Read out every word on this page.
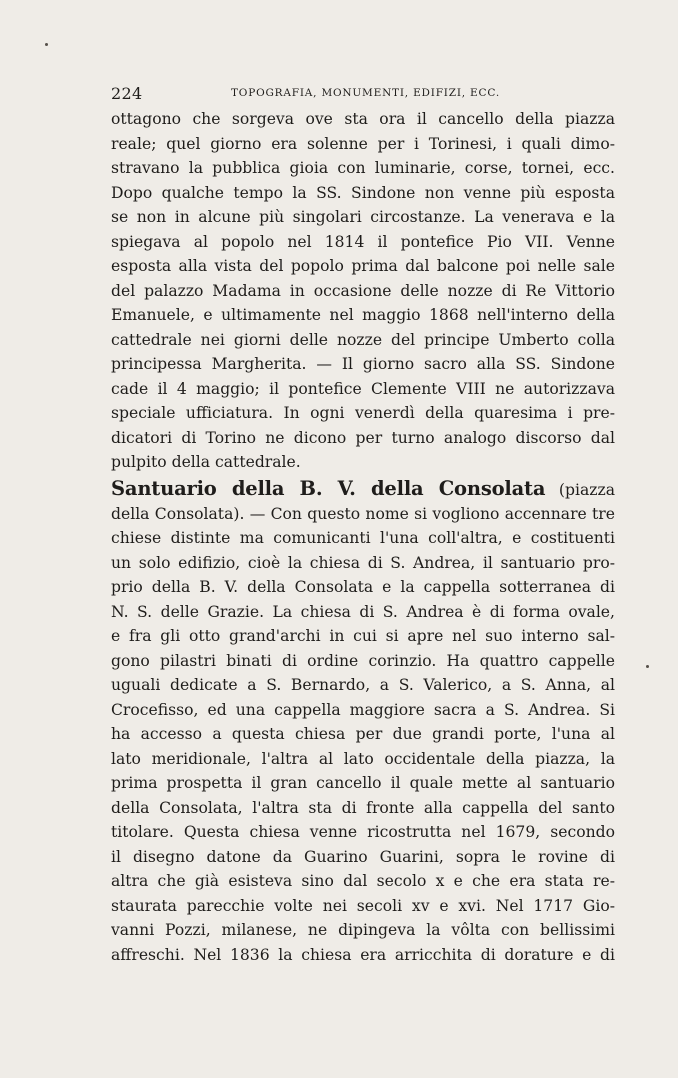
224	TOPOGRAFIA, MONUMENTI, EDIFIZI, ECC.
ottagono che sorgeva ove sta ora il cancello della piazza
reale; quel giorno era solenne per i Torinesi, i quali dimo-
stravano la pubblica gioia con luminarie, corse, tornei, ecc.
Dopo qualche tempo la SS. Sindone non venne più esposta
se non in alcune più singolari circostanze. La venerava e la
spiegava al popolo nel 1814 il pontefice Pio VII. Venne
esposta alla vista del popolo prima dal balcone poi nelle sale
del palazzo Madama in occasione delle nozze di Re Vittorio
Emanuele, e ultimamente nel maggio 1868 nell'interno della
cattedrale nei giorni delle nozze del principe Umberto colla
principessa Margherita. — Il giorno sacro alla SS. Sindone
cade il 4 maggio; il pontefice Clemente VIII ne autorizzava
speciale ufficiatura. In ogni venerdì della quaresima i pre-
dicatori di Torino ne dicono per turno analogo discorso dal
pulpito della cattedrale.
Santuario della B. V. della Consolata (piazza
della Consolata). — Con questo nome si vogliono accennare tre
chiese distinte ma comunicanti l'una coll'altra, e costituenti
un solo edifizio, cioè la chiesa di S. Andrea, il santuario pro-
prio della B. V. della Consolata e la cappella sotterranea di
N. S. delle Grazie. La chiesa di S. Andrea è di forma ovale,
e fra gli otto grand'archi in cui si apre nel suo interno sal-
gono pilastri binati di ordine corinzio. Ha quattro cappelle
uguali dedicate a S. Bernardo, a S. Valerico, a S. Anna, al
Crocefisso, ed una cappella maggiore sacra a S. Andrea. Si
ha accesso a questa chiesa per due grandi porte, l'una al
lato meridionale, l'altra al lato occidentale della piazza, la
prima prospetta il gran cancello il quale mette al santuario
della Consolata, l'altra sta di fronte alla cappella del santo
titolare. Questa chiesa venne ricostrutta nel 1679, secondo
il disegno datone da Guarino Guarini, sopra le rovine di
altra che già esisteva sino dal secolo x e che era stata re-
staurata parecchie volte nei secoli xv e xvi. Nel 1717 Gio-
vanni Pozzi, milanese, ne dipingeva la vôlta con bellissimi
affreschi. Nel 1836 la chiesa era arricchita di dorature e di
